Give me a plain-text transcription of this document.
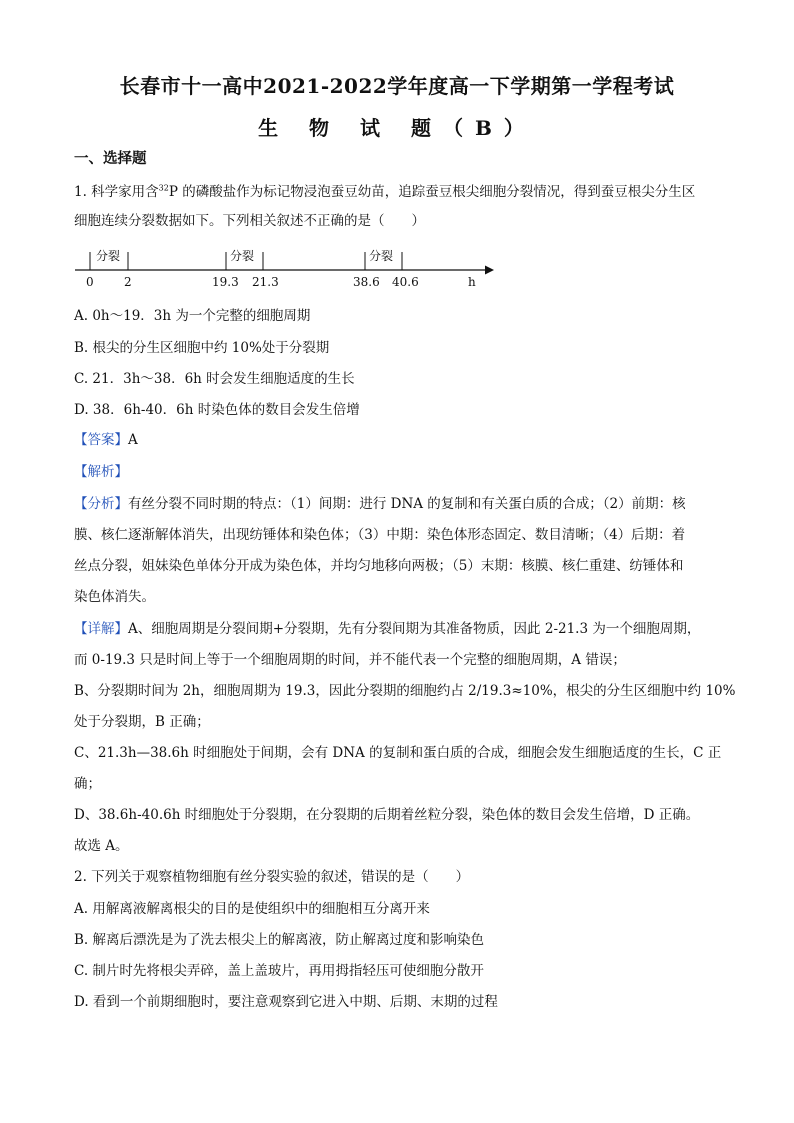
长春市十一高中2021-2022学年度高一下学期第一学程考试
生 物 试 题（B）
一、选择题
1. 科学家用含$^{32}$P 的磷酸盐作为标记物浸泡蚕豆幼苗，追踪蚕豆根尖细胞分裂情况，得到蚕豆根尖分生区
细胞连续分裂数据如下。下列相关叙述不正确的是（　　）
分裂	分裂	分裂
0	2	19.3 21.3	38.6 40.6	h
A. 0h～19．3h 为一个完整的细胞周期
B. 根尖的分生区细胞中约 10%处于分裂期
C. 21．3h～38．6h 时会发生细胞适度的生长
D. 38．6h-40．6h 时染色体的数目会发生倍增
【答案】A
【解析】
【分析】有丝分裂不同时期的特点：（1）间期：进行 DNA 的复制和有关蛋白质的合成；（2）前期：核
膜、核仁逐渐解体消失，出现纺锤体和染色体；（3）中期：染色体形态固定、数目清晰；（4）后期：着
丝点分裂，姐妹染色单体分开成为染色体，并均匀地移向两极；（5）末期：核膜、核仁重建、纺锤体和
染色体消失。
【详解】A、细胞周期是分裂间期+分裂期，先有分裂间期为其准备物质，因此 2-21.3 为一个细胞周期，
而 0-19.3 只是时间上等于一个细胞周期的时间，并不能代表一个完整的细胞周期，A 错误；
B、分裂期时间为 2h，细胞周期为 19.3，因此分裂期的细胞约占 2/19.3≈10%，根尖的分生区细胞中约 10%
处于分裂期，B 正确；
C、21.3h—38.6h 时细胞处于间期，会有 DNA 的复制和蛋白质的合成，细胞会发生细胞适度的生长，C 正
确；
D、38.6h-40.6h 时细胞处于分裂期，在分裂期的后期着丝粒分裂，染色体的数目会发生倍增，D 正确。
故选 A。
2. 下列关于观察植物细胞有丝分裂实验的叙述，错误的是（　　）
A. 用解离液解离根尖的目的是使组织中的细胞相互分离开来
B. 解离后漂洗是为了洗去根尖上的解离液，防止解离过度和影响染色
C. 制片时先将根尖弄碎，盖上盖玻片，再用拇指轻压可使细胞分散开
D. 看到一个前期细胞时，要注意观察到它进入中期、后期、末期的过程
